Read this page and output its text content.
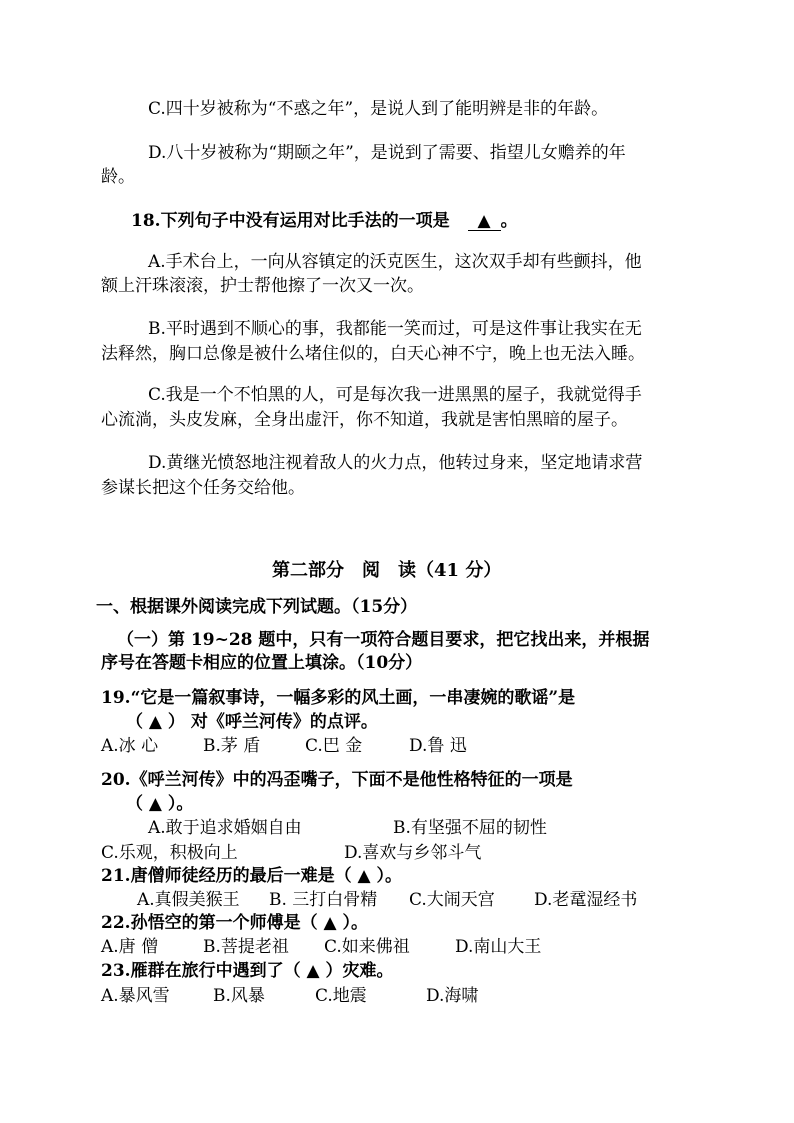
C.四十岁被称为“不惑之年”，是说人到了能明辨是非的年龄。
D.八十岁被称为“期颐之年”，是说到了需要、指望儿女赡养的年
龄。
18.下列句子中没有运用对比手法的一项是 ▲ 。
A.手术台上，一向从容镇定的沃克医生，这次双手却有些颤抖，他
额上汗珠滚滚，护士帮他擦了一次又一次。
B.平时遇到不顺心的事，我都能一笑而过，可是这件事让我实在无
法释然，胸口总像是被什么堵住似的，白天心神不宁，晚上也无法入睡。
C.我是一个不怕黑的人，可是每次我一进黑黑的屋子，我就觉得手
心流淌，头皮发麻，全身出虚汗，你不知道，我就是害怕黑暗的屋子。
D.黄继光愤怒地注视着敌人的火力点，他转过身来，坚定地请求营
参谋长把这个任务交给他。
第二部分　阅　读（41 分）
一、根据课外阅读完成下列试题。（15分）
（一）第 19~28 题中，只有一项符合题目要求，把它找出来，并根据
序号在答题卡相应的位置上填涂。（10分）
19.“它是一篇叙事诗，一幅多彩的风土画，一串凄婉的歌谣”是
（ ▲ ） 对《呼兰河传》的点评。
A.冰 心	B.茅 盾	C.巴 金	D.鲁 迅
20.《呼兰河传》中的冯歪嘴子，下面不是他性格特征的一项是
（ ▲ ）。
A.敢于追求婚姻自由	B.有坚强不屈的韧性
C.乐观，积极向上	D.喜欢与乡邻斗气
21.唐僧师徒经历的最后一难是（ ▲ ）。
A.真假美猴王 B. 三打白骨精 C.大闹天宫 D.老鼋湿经书
22.孙悟空的第一个师傅是（ ▲ ）。
A.唐 僧	B.菩提老祖 C.如来佛祖	D.南山大王
23.雁群在旅行中遇到了（ ▲ ）灾难。
A.暴风雪	B.风暴	C.地震	D.海啸
